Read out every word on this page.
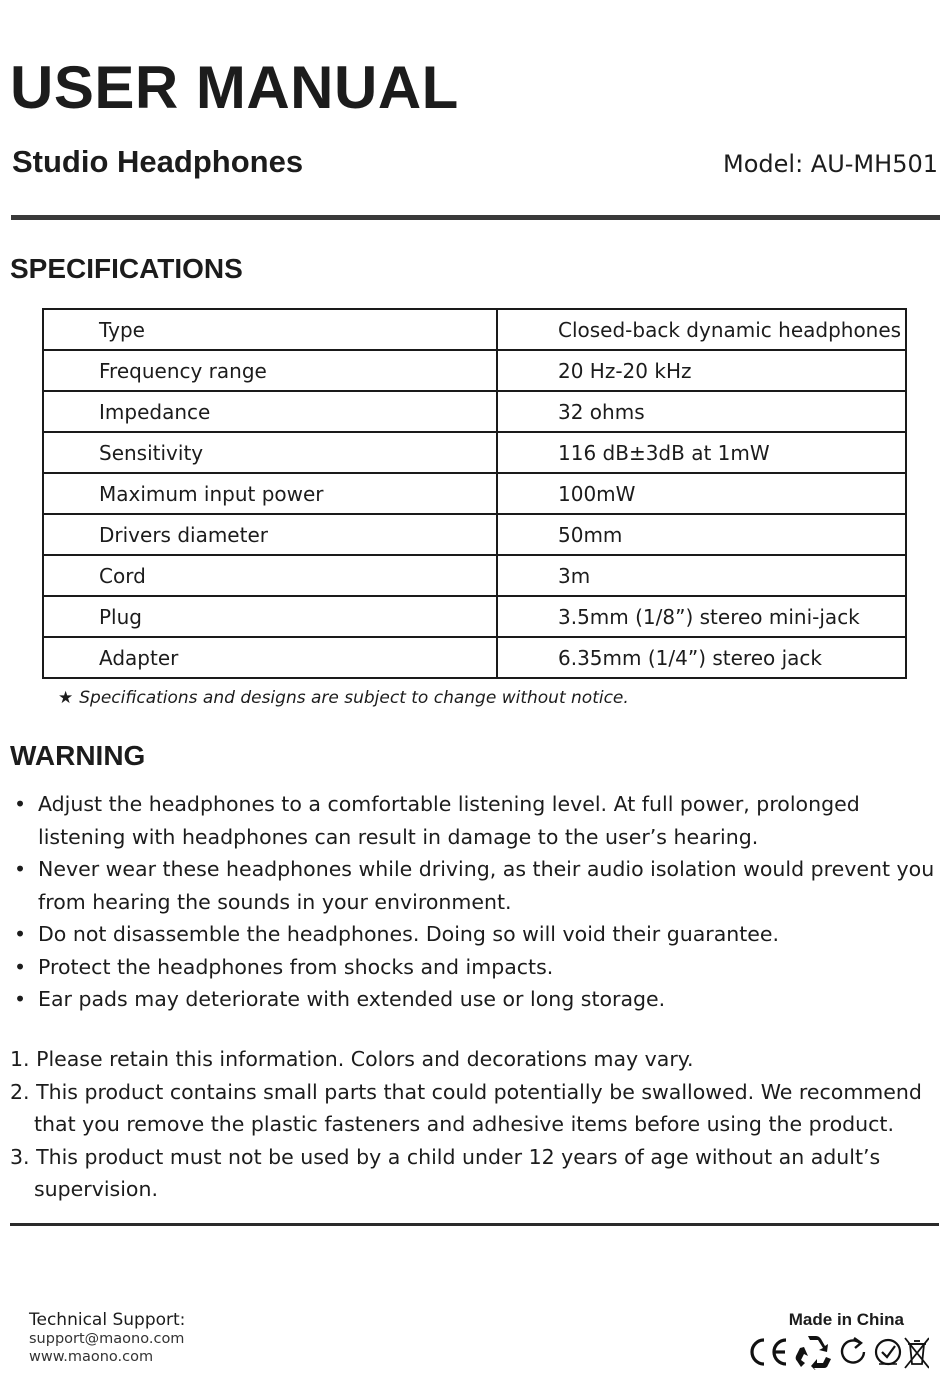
USER MANUAL
Studio Headphones	Model: AU-MH501
SPECIFICATIONS
Type	Closed-back dynamic headphones
Frequency range	20 Hz-20 kHz
Impedance	32 ohms
Sensitivity	116 dB±3dB at 1mW
Maximum input power	100mW
Drivers diameter	50mm
Cord	3m
Plug	3.5mm (1/8”) stereo mini-jack
Adapter	6.35mm (1/4”) stereo jack
★ Specifications and designs are subject to change without notice.
WARNING
• Adjust the headphones to a comfortable listening level. At full power, prolonged listening with headphones can result in damage to the user’s hearing.
• Never wear these headphones while driving, as their audio isolation would prevent you from hearing the sounds in your environment.
• Do not disassemble the headphones. Doing so will void their guarantee.
• Protect the headphones from shocks and impacts.
• Ear pads may deteriorate with extended use or long storage.
1. Please retain this information. Colors and decorations may vary.
2. This product contains small parts that could potentially be swallowed. We recommend that you remove the plastic fasteners and adhesive items before using the product.
3. This product must not be used by a child under 12 years of age without an adult’s supervision.
Technical Support:
support@maono.com
www.maono.com
Made in China
